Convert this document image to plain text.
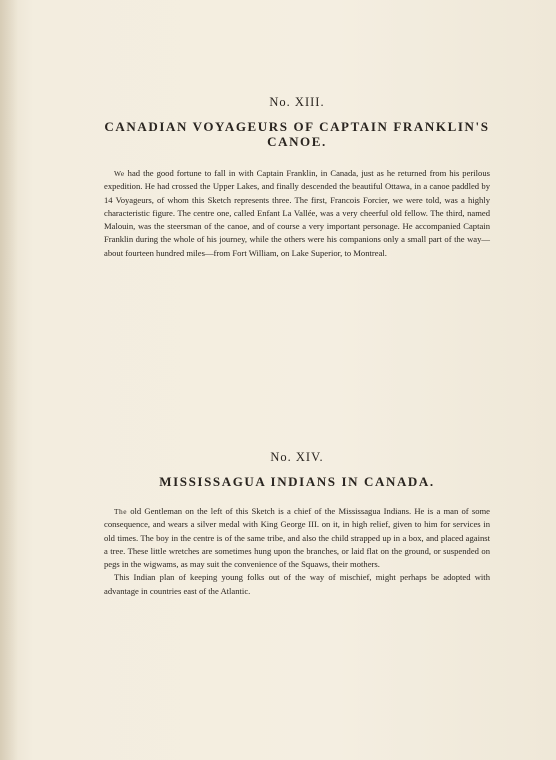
No. XIII.

CANADIAN VOYAGEURS OF CAPTAIN FRANKLIN'S CANOE.

We had the good fortune to fall in with Captain Franklin, in Canada, just as he returned from his perilous expedition. He had crossed the Upper Lakes, and finally descended the beautiful Ottawa, in a canoe paddled by 14 Voyageurs, of whom this Sketch represents three. The first, Francois Forcier, we were told, was a highly characteristic figure. The centre one, called Enfant La Vallée, was a very cheerful old fellow. The third, named Malouin, was the steersman of the canoe, and of course a very important personage. He accompanied Captain Franklin during the whole of his journey, while the others were his companions only a small part of the way—about fourteen hundred miles—from Fort William, on Lake Superior, to Montreal.

No. XIV.

MISSISSAGUA INDIANS IN CANADA.

The old Gentleman on the left of this Sketch is a chief of the Mississagua Indians. He is a man of some consequence, and wears a silver medal with King George III. on it, in high relief, given to him for services in old times. The boy in the centre is of the same tribe, and also the child strapped up in a box, and placed against a tree. These little wretches are sometimes hung upon the branches, or laid flat on the ground, or suspended on pegs in the wigwams, as may suit the convenience of the Squaws, their mothers.

This Indian plan of keeping young folks out of the way of mischief, might perhaps be adopted with advantage in countries east of the Atlantic.
